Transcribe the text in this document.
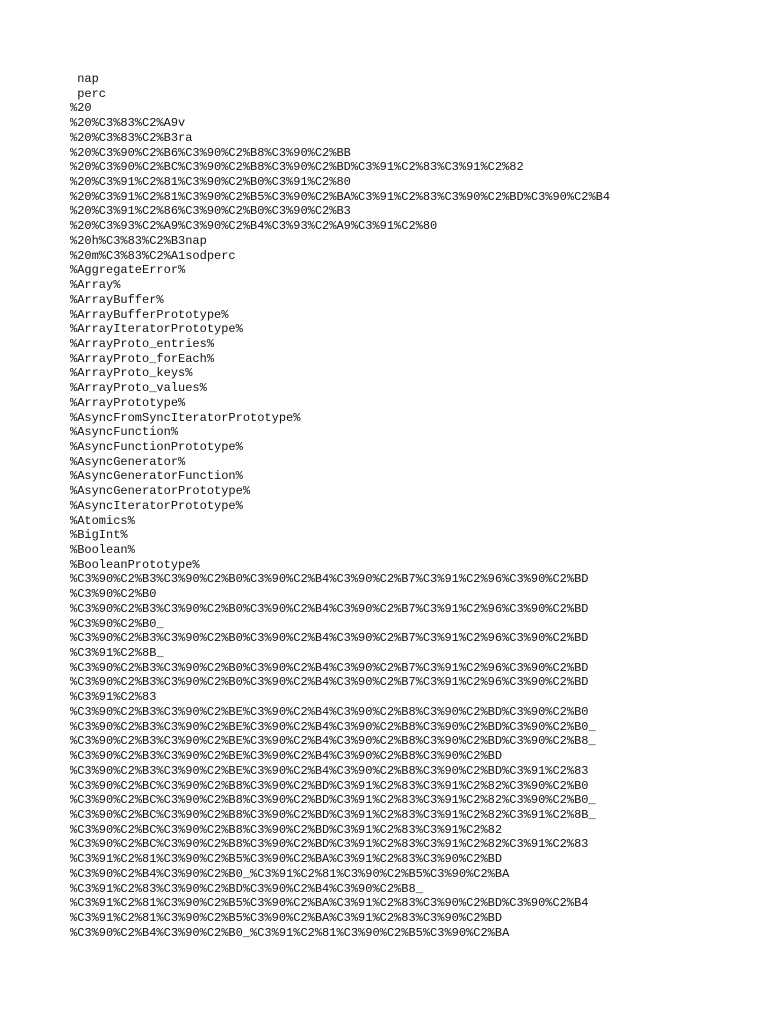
nap
perc
%20
%20%C3%83%C2%A9v
%20%C3%83%C2%B3ra
%20%C3%90%C2%B6%C3%90%C2%B8%C3%90%C2%BB
%20%C3%90%C2%BC%C3%90%C2%B8%C3%90%C2%BD%C3%91%C2%83%C3%91%C2%82
%20%C3%91%C2%81%C3%90%C2%B0%C3%91%C2%80
%20%C3%91%C2%81%C3%90%C2%B5%C3%90%C2%BA%C3%91%C2%83%C3%90%C2%BD%C3%90%C2%B4
%20%C3%91%C2%86%C3%90%C2%B0%C3%90%C2%B3
%20%C3%93%C2%A9%C3%90%C2%B4%C3%93%C2%A9%C3%91%C2%80
%20h%C3%83%C2%B3nap
%20m%C3%83%C2%A1sodperc
%AggregateError%
%Array%
%ArrayBuffer%
%ArrayBufferPrototype%
%ArrayIteratorPrototype%
%ArrayProto_entries%
%ArrayProto_forEach%
%ArrayProto_keys%
%ArrayProto_values%
%ArrayPrototype%
%AsyncFromSyncIteratorPrototype%
%AsyncFunction%
%AsyncFunctionPrototype%
%AsyncGenerator%
%AsyncGeneratorFunction%
%AsyncGeneratorPrototype%
%AsyncIteratorPrototype%
%Atomics%
%BigInt%
%Boolean%
%BooleanPrototype%
%C3%90%C2%B3%C3%90%C2%B0%C3%90%C2%B4%C3%90%C2%B7%C3%91%C2%96%C3%90%C2%BD
%C3%90%C2%B0
%C3%90%C2%B3%C3%90%C2%B0%C3%90%C2%B4%C3%90%C2%B7%C3%91%C2%96%C3%90%C2%BD
%C3%90%C2%B0_
%C3%90%C2%B3%C3%90%C2%B0%C3%90%C2%B4%C3%90%C2%B7%C3%91%C2%96%C3%90%C2%BD
%C3%91%C2%8B_
%C3%90%C2%B3%C3%90%C2%B0%C3%90%C2%B4%C3%90%C2%B7%C3%91%C2%96%C3%90%C2%BD
%C3%90%C2%B3%C3%90%C2%B0%C3%90%C2%B4%C3%90%C2%B7%C3%91%C2%96%C3%90%C2%BD
%C3%91%C2%83
%C3%90%C2%B3%C3%90%C2%BE%C3%90%C2%B4%C3%90%C2%B8%C3%90%C2%BD%C3%90%C2%B0
%C3%90%C2%B3%C3%90%C2%BE%C3%90%C2%B4%C3%90%C2%B8%C3%90%C2%BD%C3%90%C2%B0_
%C3%90%C2%B3%C3%90%C2%BE%C3%90%C2%B4%C3%90%C2%B8%C3%90%C2%BD%C3%90%C2%B8_
%C3%90%C2%B3%C3%90%C2%BE%C3%90%C2%B4%C3%90%C2%B8%C3%90%C2%BD
%C3%90%C2%B3%C3%90%C2%BE%C3%90%C2%B4%C3%90%C2%B8%C3%90%C2%BD%C3%91%C2%83
%C3%90%C2%BC%C3%90%C2%B8%C3%90%C2%BD%C3%91%C2%83%C3%91%C2%82%C3%90%C2%B0
%C3%90%C2%BC%C3%90%C2%B8%C3%90%C2%BD%C3%91%C2%83%C3%91%C2%82%C3%90%C2%B0_
%C3%90%C2%BC%C3%90%C2%B8%C3%90%C2%BD%C3%91%C2%83%C3%91%C2%82%C3%91%C2%8B_
%C3%90%C2%BC%C3%90%C2%B8%C3%90%C2%BD%C3%91%C2%83%C3%91%C2%82
%C3%90%C2%BC%C3%90%C2%B8%C3%90%C2%BD%C3%91%C2%83%C3%91%C2%82%C3%91%C2%83
%C3%91%C2%81%C3%90%C2%B5%C3%90%C2%BA%C3%91%C2%83%C3%90%C2%BD
%C3%90%C2%B4%C3%90%C2%B0_%C3%91%C2%81%C3%90%C2%B5%C3%90%C2%BA
%C3%91%C2%83%C3%90%C2%BD%C3%90%C2%B4%C3%90%C2%B8_
%C3%91%C2%81%C3%90%C2%B5%C3%90%C2%BA%C3%91%C2%83%C3%90%C2%BD%C3%90%C2%B4
%C3%91%C2%81%C3%90%C2%B5%C3%90%C2%BA%C3%91%C2%83%C3%90%C2%BD
%C3%90%C2%B4%C3%90%C2%B0_%C3%91%C2%81%C3%90%C2%B5%C3%90%C2%BA
